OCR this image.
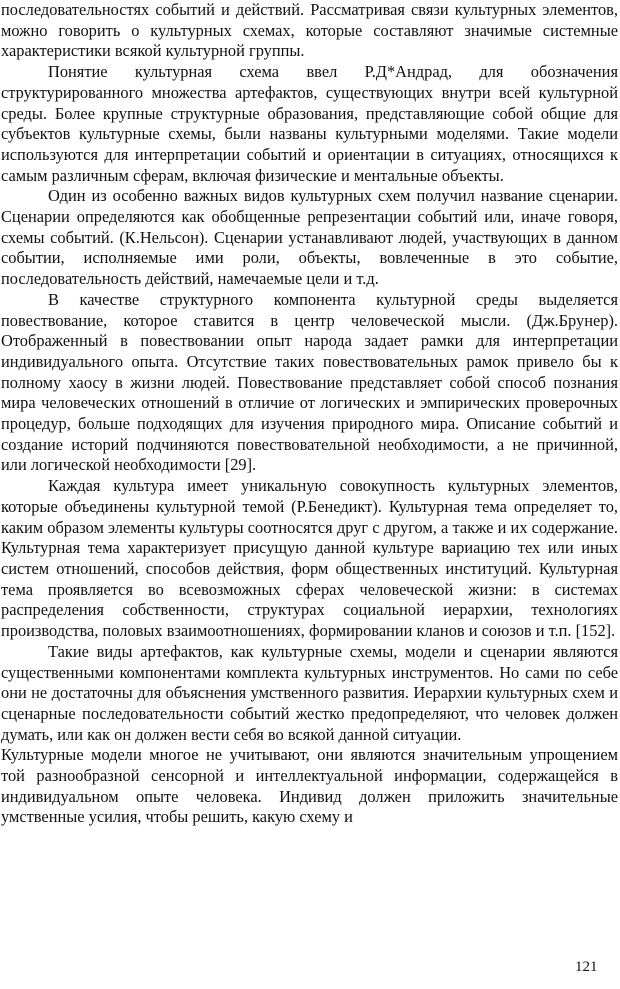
последовательностях событий и действий. Рассматривая связи культурных элементов, можно говорить о культурных схемах, которые составляют значимые системные характеристики всякой культурной группы.

Понятие культурная схема ввел Р.Д*Андрад, для обозначения структурированного множества артефактов, существующих внутри всей культурной среды. Более крупные структурные образования, представляющие собой общие для субъектов культурные схемы, были названы культурными моделями. Такие модели используются для интерпретации событий и ориентации в ситуациях, относящихся к самым различным сферам, включая физические и ментальные объекты.

Один из особенно важных видов культурных схем получил название сценарии. Сценарии определяются как обобщенные репрезентации событий или, иначе говоря, схемы событий. (К.Нельсон). Сценарии устанавливают людей, участвующих в данном событии, исполняемые ими роли, объекты, вовлеченные в это событие, последовательность действий, намечаемые цели и т.д.

В качестве структурного компонента культурной среды выделяется повествование, которое ставится в центр человеческой мысли. (Дж.Брунер). Отображенный в повествовании опыт народа задает рамки для интерпретации индивидуального опыта. Отсутствие таких повествовательных рамок привело бы к полному хаосу в жизни людей. Повествование представляет собой способ познания мира человеческих отношений в отличие от логических и эмпирических проверочных процедур, больше подходящих для изучения природного мира. Описание событий и создание историй подчиняются повествовательной необходимости, а не причинной, или логической необходимости [29].

Каждая культура имеет уникальную совокупность культурных элементов, которые объединены культурной темой (Р.Бенедикт). Культурная тема определяет то, каким образом элементы культуры соотносятся друг с другом, а также и их содержание. Культурная тема характеризует присущую данной культуре вариацию тех или иных систем отношений, способов действия, форм общественных институций. Культурная тема проявляется во всевозможных сферах человеческой жизни: в системах распределения собственности, структурах социальной иерархии, технологиях производства, половых взаимоотношениях, формировании кланов и союзов и т.п. [152].

Такие виды артефактов, как культурные схемы, модели и сценарии являются существенными компонентами комплекта культурных инструментов. Но сами по себе они не достаточны для объяснения умственного развития. Иерархии культурных схем и сценарные последовательности событий жестко предопределяют, что человек должен думать, или как он должен вести себя во всякой данной ситуации.

Культурные модели многое не учитывают, они являются значительным упрощением той разнообразной сенсорной и интеллектуальной информации, содержащейся в индивидуальном опыте человека. Индивид должен приложить значительные умственные усилия, чтобы решить, какую схему и

121
